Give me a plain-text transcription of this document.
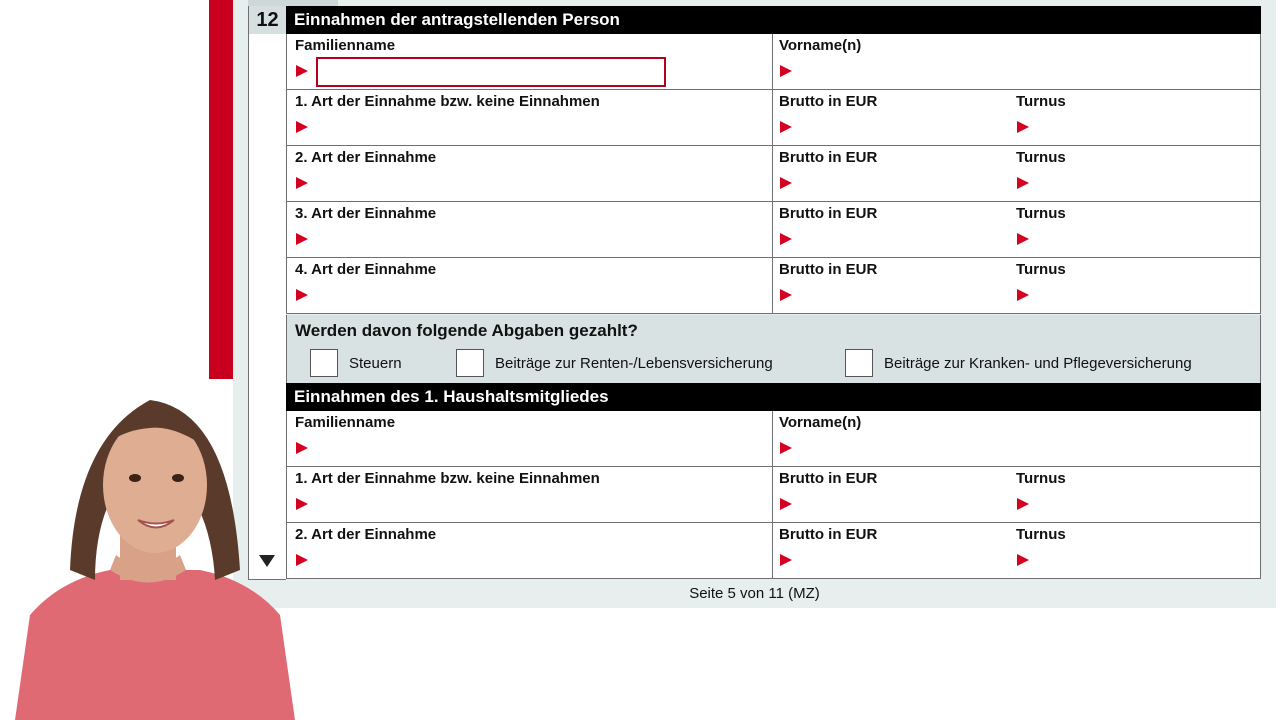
12 Einnahmen der antragstellenden Person
Familienname	Vorname(n)
1. Art der Einnahme bzw. keine Einnahmen	Brutto in EUR	Turnus
2. Art der Einnahme	Brutto in EUR	Turnus
3. Art der Einnahme	Brutto in EUR	Turnus
4. Art der Einnahme	Brutto in EUR	Turnus
Werden davon folgende Abgaben gezahlt?
Steuern	Beiträge zur Renten-/Lebensversicherung	Beiträge zur Kranken- und Pflegeversicherung
Einnahmen des 1. Haushaltsmitgliedes
Familienname	Vorname(n)
1. Art der Einnahme bzw. keine Einnahmen	Brutto in EUR	Turnus
2. Art der Einnahme	Brutto in EUR	Turnus
Seite 5 von 11 (MZ)
